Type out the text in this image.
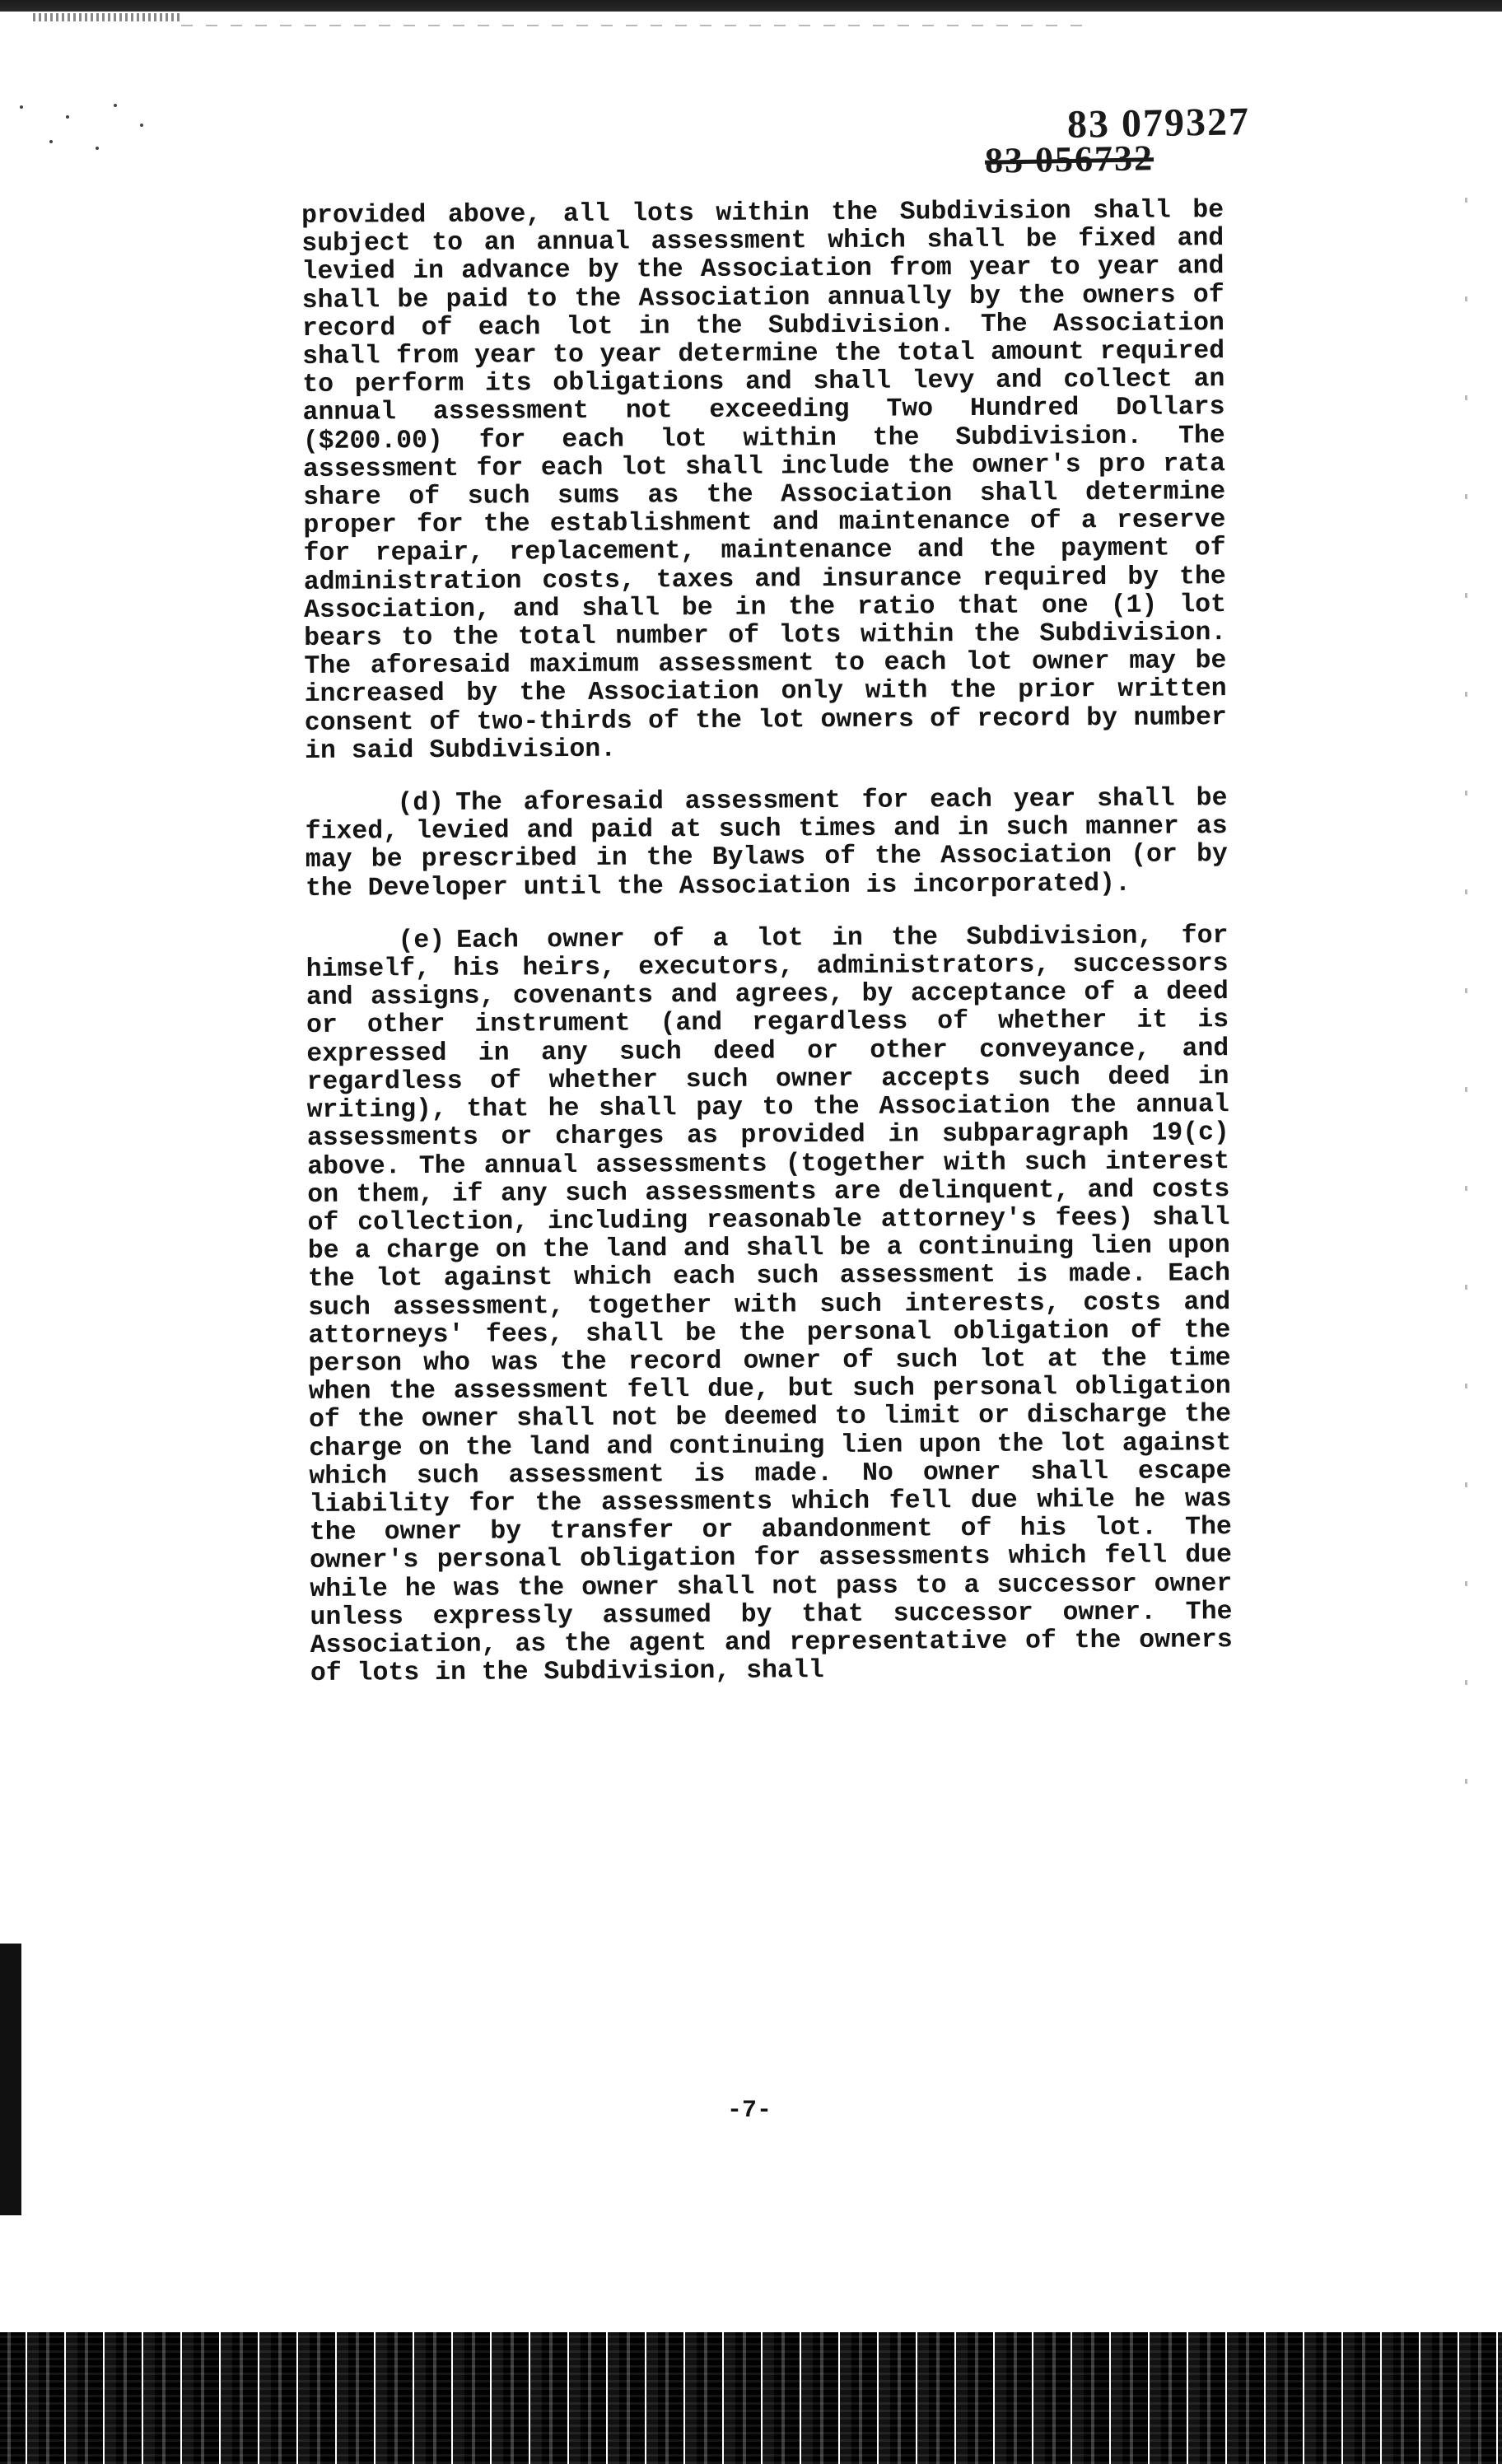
83 079327
83 056732

provided above, all lots within the Subdivision shall be subject to an annual assessment which shall be fixed and levied in advance by the Association from year to year and shall be paid to the Association annually by the owners of record of each lot in the Subdivision. The Association shall from year to year determine the total amount required to perform its obligations and shall levy and collect an annual assessment not exceeding Two Hundred Dollars ($200.00) for each lot within the Subdivision. The assessment for each lot shall include the owner's pro rata share of such sums as the Association shall determine proper for the establishment and maintenance of a reserve for repair, replacement, maintenance and the payment of administration costs, taxes and insurance required by the Association, and shall be in the ratio that one (1) lot bears to the total number of lots within the Subdivision. The aforesaid maximum assessment to each lot owner may be increased by the Association only with the prior written consent of two-thirds of the lot owners of record by number in said Subdivision.

(d) The aforesaid assessment for each year shall be fixed, levied and paid at such times and in such manner as may be prescribed in the Bylaws of the Association (or by the Developer until the Association is incorporated).

(e) Each owner of a lot in the Subdivision, for himself, his heirs, executors, administrators, successors and assigns, covenants and agrees, by acceptance of a deed or other instrument (and regardless of whether it is expressed in any such deed or other conveyance, and regardless of whether such owner accepts such deed in writing), that he shall pay to the Association the annual assessments or charges as provided in subparagraph 19(c) above. The annual assessments (together with such interest on them, if any such assessments are delinquent, and costs of collection, including reasonable attorney's fees) shall be a charge on the land and shall be a continuing lien upon the lot against which each such assessment is made. Each such assessment, together with such interests, costs and attorneys' fees, shall be the personal obligation of the person who was the record owner of such lot at the time when the assessment fell due, but such personal obligation of the owner shall not be deemed to limit or discharge the charge on the land and continuing lien upon the lot against which such assessment is made. No owner shall escape liability for the assessments which fell due while he was the owner by transfer or abandonment of his lot. The owner's personal obligation for assessments which fell due while he was the owner shall not pass to a successor owner unless expressly assumed by that successor owner. The Association, as the agent and representative of the owners of lots in the Subdivision, shall

-7-
